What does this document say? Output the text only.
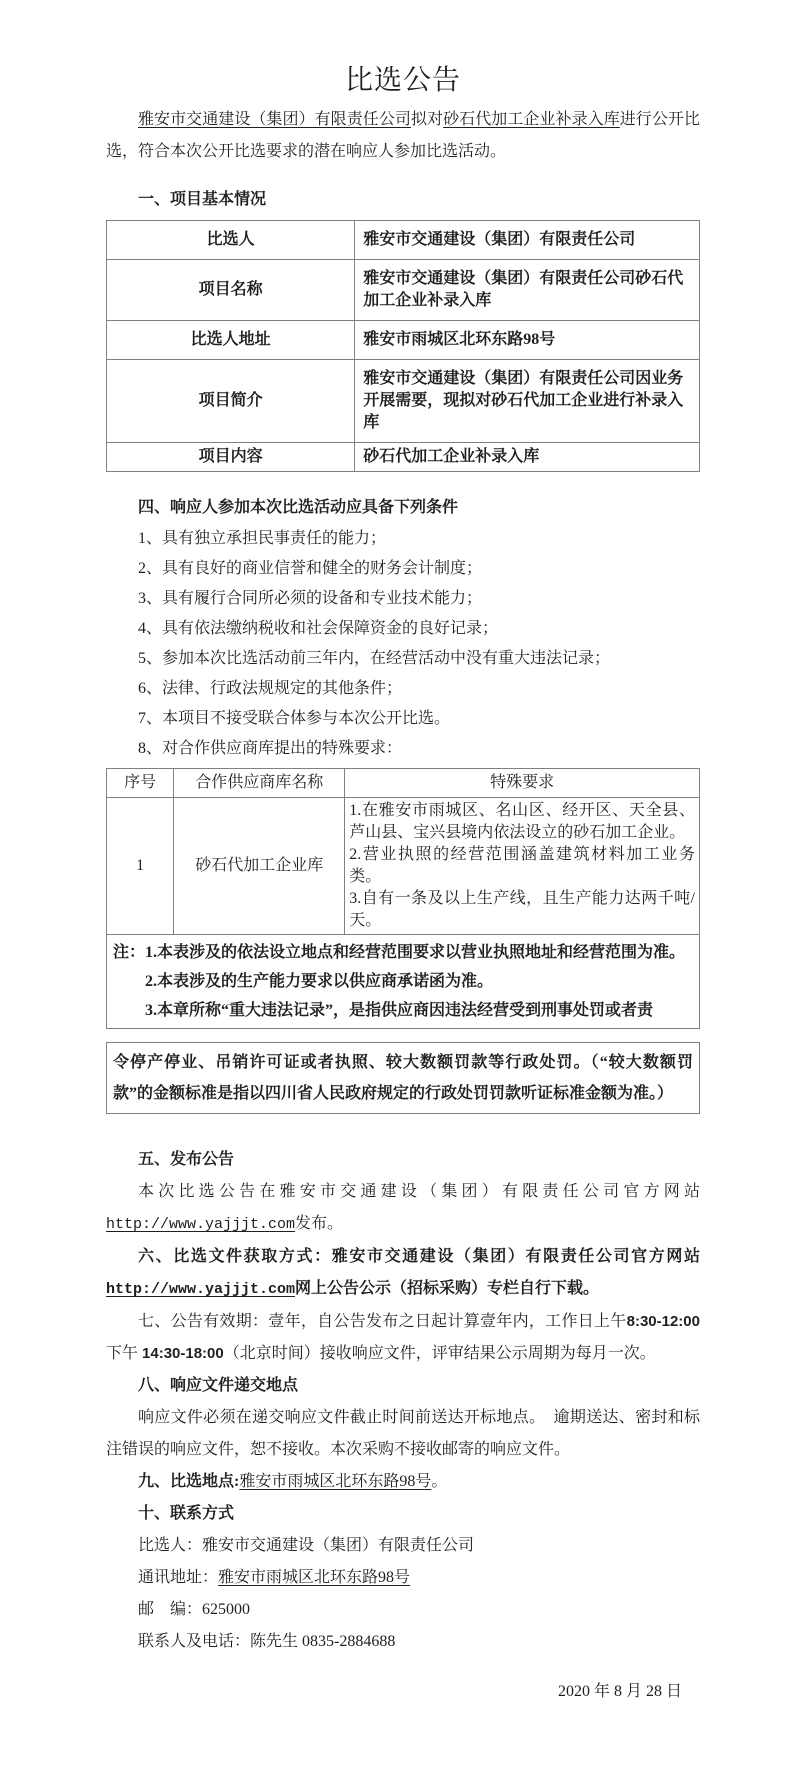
比选公告

雅安市交通建设（集团）有限责任公司拟对砂石代加工企业补录入库进行公开比选，符合本次公开比选要求的潜在响应人参加比选活动。

一、项目基本情况

比选人	雅安市交通建设（集团）有限责任公司
项目名称	雅安市交通建设（集团）有限责任公司砂石代加工企业补录入库
比选人地址	雅安市雨城区北环东路98号
项目简介	雅安市交通建设（集团）有限责任公司因业务开展需要，现拟对砂石代加工企业进行补录入库
项目内容	砂石代加工企业补录入库

四、响应人参加本次比选活动应具备下列条件

1、具有独立承担民事责任的能力；

2、具有良好的商业信誉和健全的财务会计制度；

3、具有履行合同所必须的设备和专业技术能力；

4、具有依法缴纳税收和社会保障资金的良好记录；

5、参加本次比选活动前三年内，在经营活动中没有重大违法记录；

6、法律、行政法规规定的其他条件；

7、本项目不接受联合体参与本次公开比选。

8、对合作供应商库提出的特殊要求：

序号	合作供应商库名称	特殊要求
1	砂石代加工企业库	1.在雅安市雨城区、名山区、经开区、天全县、芦山县、宝兴县境内依法设立的砂石加工企业。
2.营业执照的经营范围涵盖建筑材料加工业务类。
3.自有一条及以上生产线，且生产能力达两千吨/天。

注：1.本表涉及的依法设立地点和经营范围要求以营业执照地址和经营范围为准。

2.本表涉及的生产能力要求以供应商承诺函为准。

3.本章所称“重大违法记录”，是指供应商因违法经营受到刑事处罚或者责

令停产停业、吊销许可证或者执照、较大数额罚款等行政处罚。（“较大数额罚款”的金额标准是指以四川省人民政府规定的行政处罚罚款听证标准金额为准。）

五、发布公告

本次比选公告在雅安市交通建设（集团）有限责任公司官方网站http://www.yajjjt.com发布。

六、比选文件获取方式：雅安市交通建设（集团）有限责任公司官方网站http://www.yajjjt.com网上公告公示（招标采购）专栏自行下载。

七、公告有效期：壹年，自公告发布之日起计算壹年内，工作日上午8:30-12:00 下午 14:30-18:00（北京时间）接收响应文件，评审结果公示周期为每月一次。

八、响应文件递交地点

响应文件必须在递交响应文件截止时间前送达开标地点。　逾期送达、密封和标注错误的响应文件，恕不接收。本次采购不接收邮寄的响应文件。

九、比选地点:雅安市雨城区北环东路98号。

十、联系方式

比选人：雅安市交通建设（集团）有限责任公司

通讯地址：雅安市雨城区北环东路98号

邮　编：625000

联系人及电话：陈先生 0835-2884688

2020 年 8 月 28 日
